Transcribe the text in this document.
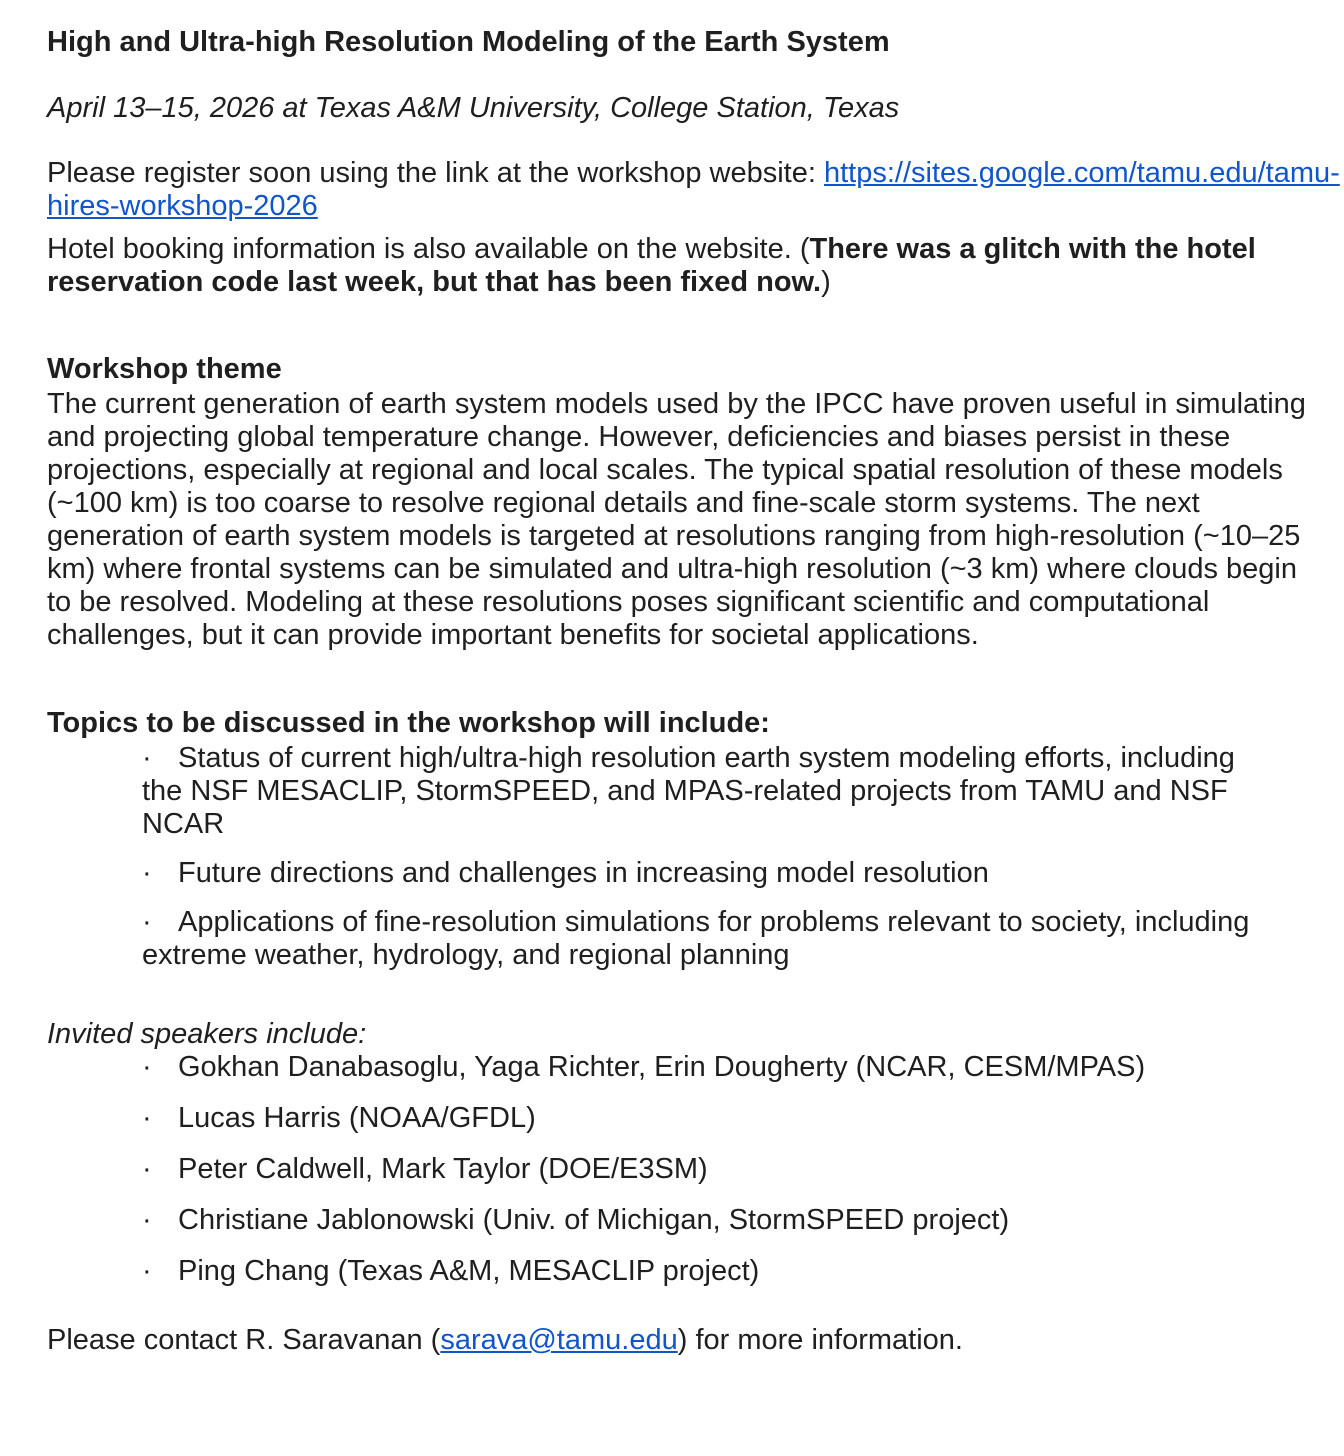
High and Ultra-high Resolution Modeling of the Earth System

April 13–15, 2026 at Texas A&M University, College Station, Texas

Please register soon using the link at the workshop website: https://sites.google.com/tamu.edu/tamu-hires-workshop-2026

Hotel booking information is also available on the website. (There was a glitch with the hotel reservation code last week, but that has been fixed now.)

Workshop theme

The current generation of earth system models used by the IPCC have proven useful in simulating and projecting global temperature change. However, deficiencies and biases persist in these projections, especially at regional and local scales. The typical spatial resolution of these models (~100 km) is too coarse to resolve regional details and fine-scale storm systems. The next generation of earth system models is targeted at resolutions ranging from high-resolution (~10–25 km) where frontal systems can be simulated and ultra-high resolution (~3 km) where clouds begin to be resolved. Modeling at these resolutions poses significant scientific and computational challenges, but it can provide important benefits for societal applications.

Topics to be discussed in the workshop will include:

· Status of current high/ultra-high resolution earth system modeling efforts, including the NSF MESACLIP, StormSPEED, and MPAS-related projects from TAMU and NSF NCAR
· Future directions and challenges in increasing model resolution
· Applications of fine-resolution simulations for problems relevant to society, including extreme weather, hydrology, and regional planning

Invited speakers include:

· Gokhan Danabasoglu, Yaga Richter, Erin Dougherty (NCAR, CESM/MPAS)
· Lucas Harris (NOAA/GFDL)
· Peter Caldwell, Mark Taylor (DOE/E3SM)
· Christiane Jablonowski (Univ. of Michigan, StormSPEED project)
· Ping Chang (Texas A&M, MESACLIP project)

Please contact R. Saravanan (sarava@tamu.edu) for more information.
